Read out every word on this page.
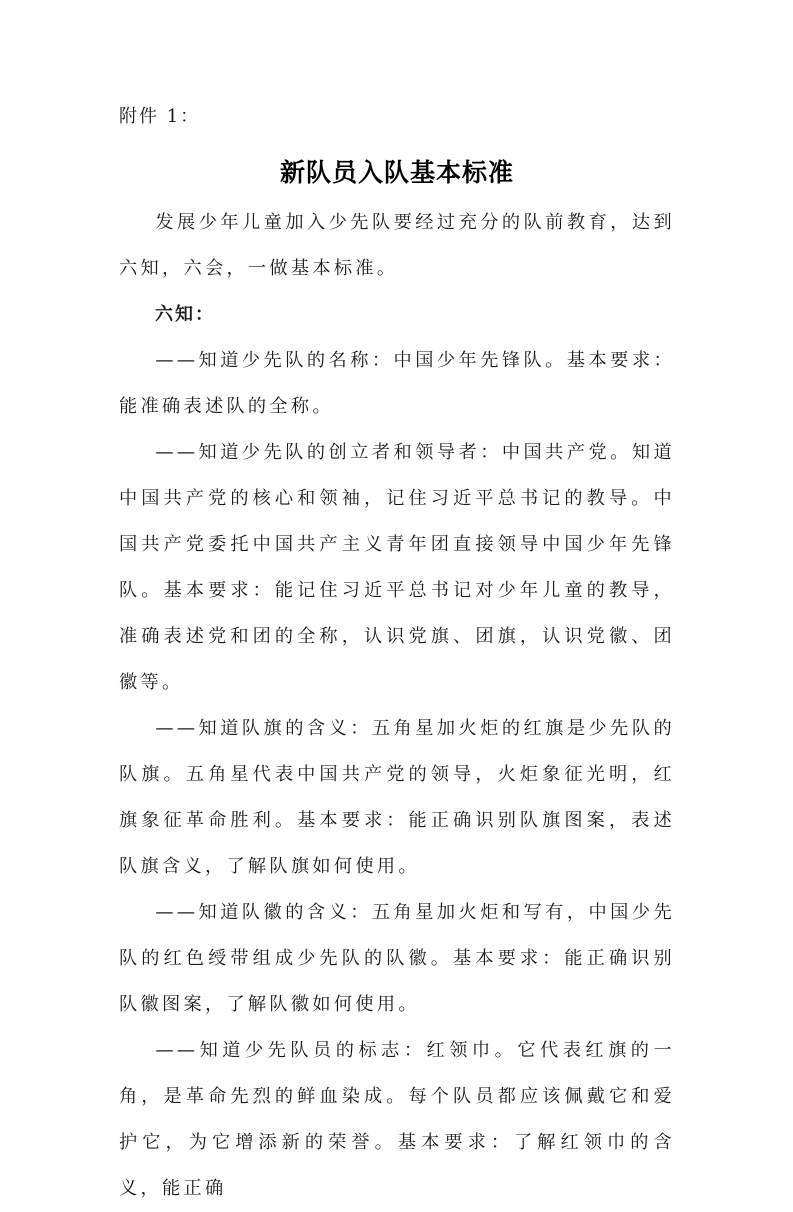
附件 1：

新队员入队基本标准

发展少年儿童加入少先队要经过充分的队前教育，达到六知，六会，一做基本标准。

六知：

——知道少先队的名称：中国少年先锋队。基本要求：能准确表述队的全称。

——知道少先队的创立者和领导者：中国共产党。知道中国共产党的核心和领袖，记住习近平总书记的教导。中国共产党委托中国共产主义青年团直接领导中国少年先锋队。基本要求：能记住习近平总书记对少年儿童的教导，准确表述党和团的全称，认识党旗、团旗，认识党徽、团徽等。

——知道队旗的含义：五角星加火炬的红旗是少先队的队旗。五角星代表中国共产党的领导，火炬象征光明，红旗象征革命胜利。基本要求：能正确识别队旗图案，表述队旗含义，了解队旗如何使用。

——知道队徽的含义：五角星加火炬和写有，中国少先队的红色绶带组成少先队的队徽。基本要求：能正确识别队徽图案，了解队徽如何使用。

——知道少先队员的标志：红领巾。它代表红旗的一角，是革命先烈的鲜血染成。每个队员都应该佩戴它和爱护它，为它增添新的荣誉。基本要求：了解红领巾的含义，能正确
